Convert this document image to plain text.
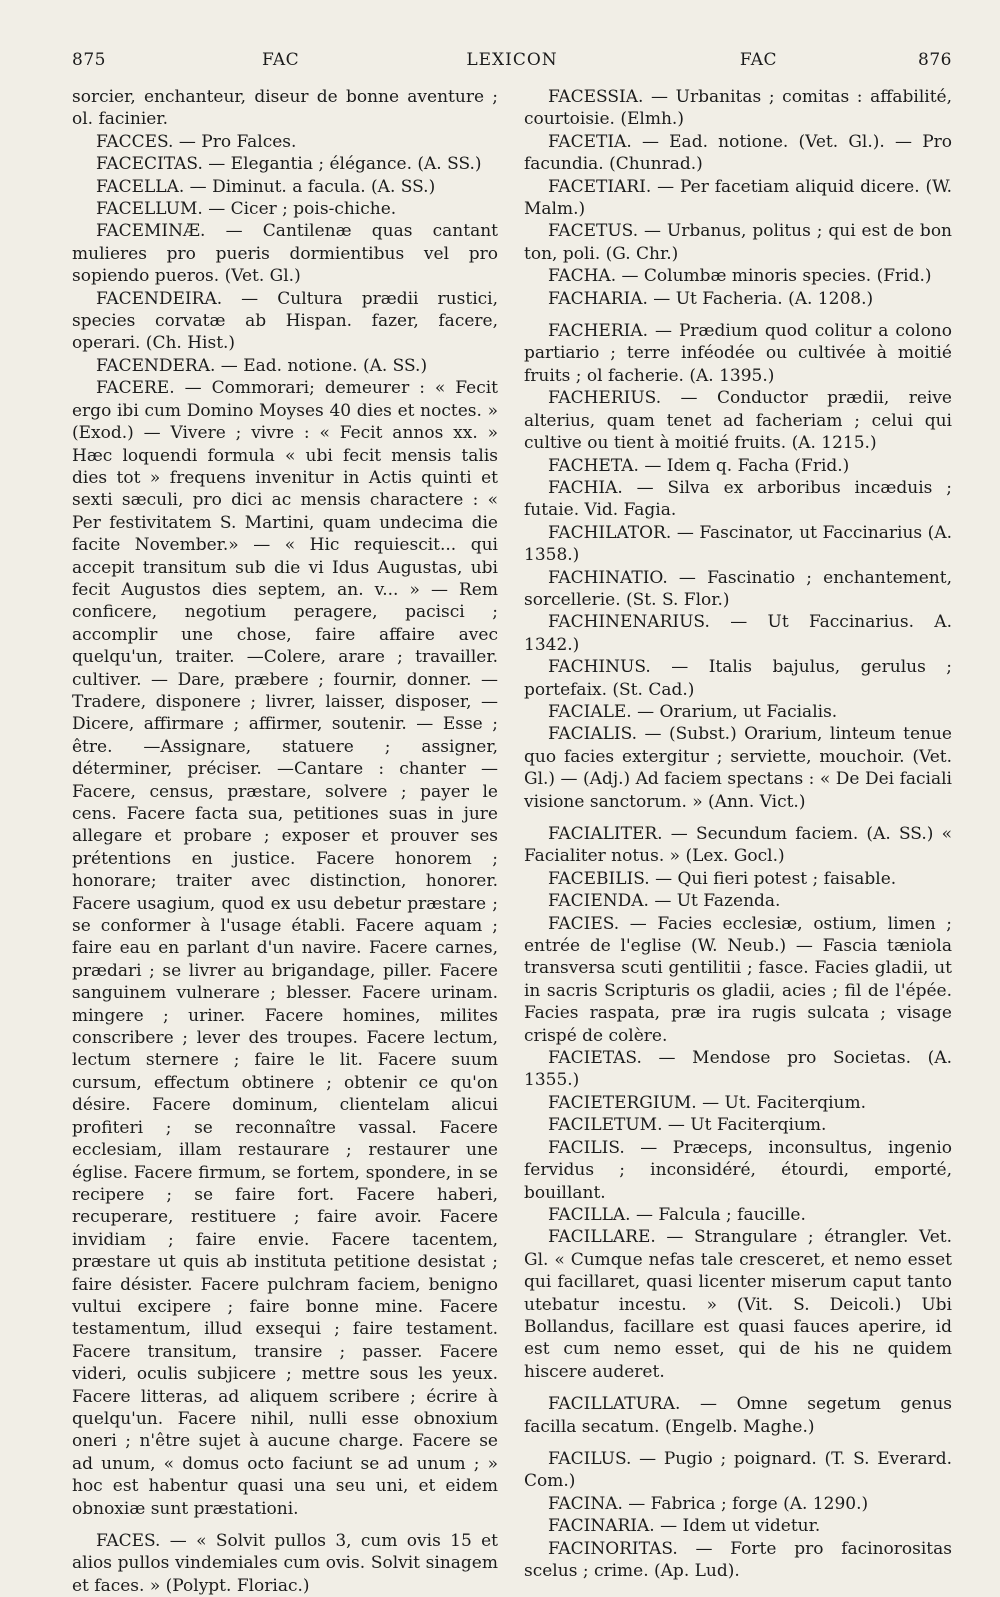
875	FAC	LEXICON	FAC	876

sorcier, enchanteur, diseur de bonne aventure ; ol. facinier.

FACCES. — Pro Falces.

FACECITAS. — Elegantia ; élégance. (A. SS.)

FACELLA. — Diminut. a facula. (A. SS.)

FACELLUM. — Cicer ; pois-chiche.

FACEMINÆ. — Cantilenæ quas cantant mulieres pro pueris dormientibus vel pro sopiendo pueros. (Vet. Gl.)

FACENDEIRA. — Cultura prædii rustici, species corvatæ ab Hispan. fazer, facere, operari. (Ch. Hist.)

FACENDERA. — Ead. notione. (A. SS.)

FACERE. — Commorari; demeurer : « Fecit ergo ibi cum Domino Moyses 40 dies et noctes. » (Exod.) — Vivere ; vivre : « Fecit annos xx. » Hæc loquendi formula « ubi fecit mensis talis dies tot » frequens invenitur in Actis quinti et sexti sæculi, pro dici ac mensis charactere : « Per festivitatem S. Martini, quam undecima die facite November.» — « Hic requiescit... qui accepit transitum sub die vi Idus Augustas, ubi fecit Augustos dies septem, an. v... » — Rem conficere, negotium peragere, pacisci ; accomplir une chose, faire affaire avec quelqu'un, traiter. —Colere, arare ; travailler. cultiver. — Dare, præbere ; fournir, donner. —Tradere, disponere ; livrer, laisser, disposer, — Dicere, affirmare ; affirmer, soutenir. — Esse ; être. —Assignare, statuere ; assigner, déterminer, préciser. —Cantare : chanter — Facere, census, præstare, solvere ; payer le cens. Facere facta sua, petitiones suas in jure allegare et probare ; exposer et prouver ses prétentions en justice. Facere honorem ; honorare; traiter avec distinction, honorer. Facere usagium, quod ex usu debetur præstare ; se conformer à l'usage établi. Facere aquam ; faire eau en parlant d'un navire. Facere carnes, prædari ; se livrer au brigandage, piller. Facere sanguinem vulnerare ; blesser. Facere urinam. mingere ; uriner. Facere homines, milites conscribere ; lever des troupes. Facere lectum, lectum sternere ; faire le lit. Facere suum cursum, effectum obtinere ; obtenir ce qu'on désire. Facere dominum, clientelam alicui profiteri ; se reconnaître vassal. Facere ecclesiam, illam restaurare ; restaurer une église. Facere firmum, se fortem, spondere, in se recipere ; se faire fort. Facere haberi, recuperare, restituere ; faire avoir. Facere invidiam ; faire envie. Facere tacentem, præstare ut quis ab instituta petitione desistat ; faire désister. Facere pulchram faciem, benigno vultui excipere ; faire bonne mine. Facere testamentum, illud exsequi ; faire testament. Facere transitum, transire ; passer. Facere videri, oculis subjicere ; mettre sous les yeux. Facere litteras, ad aliquem scribere ; écrire à quelqu'un. Facere nihil, nulli esse obnoxium oneri ; n'être sujet à aucune charge. Facere se ad unum, « domus octo faciunt se ad unum ; » hoc est habentur quasi una seu uni, et eidem obnoxiæ sunt præstationi.

FACES. — « Solvit pullos 3, cum ovis 15 et alios pullos vindemiales cum ovis. Solvit sinagem et faces. » (Polypt. Floriac.)

FACESSIA. — Urbanitas ; comitas : affabilité, courtoisie. (Elmh.)

FACETIA. — Ead. notione. (Vet. Gl.). — Pro facundia. (Chunrad.)

FACETIARI. — Per facetiam aliquid dicere. (W. Malm.)

FACETUS. — Urbanus, politus ; qui est de bon ton, poli. (G. Chr.)

FACHA. — Columbæ minoris species. (Frid.)

FACHARIA. — Ut Facheria. (A. 1208.)

FACHERIA. — Prædium quod colitur a colono partiario ; terre inféodée ou cultivée à moitié fruits ; ol facherie. (A. 1395.)

FACHERIUS. — Conductor prædii, reive alterius, quam tenet ad facheriam ; celui qui cultive ou tient à moitié fruits. (A. 1215.)

FACHETA. — Idem q. Facha (Frid.)

FACHIA. — Silva ex arboribus incæduis ; futaie. Vid. Fagia.

FACHILATOR. — Fascinator, ut Faccinarius (A. 1358.)

FACHINATIO. — Fascinatio ; enchantement, sorcellerie. (St. S. Flor.)

FACHINENARIUS. — Ut Faccinarius. A. 1342.)

FACHINUS. — Italis bajulus, gerulus ; portefaix. (St. Cad.)

FACIALE. — Orarium, ut Facialis.

FACIALIS. — (Subst.) Orarium, linteum tenue quo facies extergitur ; serviette, mouchoir. (Vet. Gl.) — (Adj.) Ad faciem spectans : « De Dei faciali visione sanctorum. » (Ann. Vict.)

FACIALITER. — Secundum faciem. (A. SS.) « Facialiter notus. » (Lex. Gocl.)

FACEBILIS. — Qui fieri potest ; faisable.

FACIENDA. — Ut Fazenda.

FACIES. — Facies ecclesiæ, ostium, limen ; entrée de l'eglise (W. Neub.) — Fascia tæniola transversa scuti gentilitii ; fasce. Facies gladii, ut in sacris Scripturis os gladii, acies ; fil de l'épée. Facies raspata, præ ira rugis sulcata ; visage crispé de colère.

FACIETAS. — Mendose pro Societas. (A. 1355.)

FACIETERGIUM. — Ut. Faciterqium.

FACILETUM. — Ut Faciterqium.

FACILIS. — Præceps, inconsultus, ingenio fervidus ; inconsidéré, étourdi, emporté, bouillant.

FACILLA. — Falcula ; faucille.

FACILLARE. — Strangulare ; étrangler. Vet. Gl. « Cumque nefas tale cresceret, et nemo esset qui facillaret, quasi licenter miserum caput tanto utebatur incestu. » (Vit. S. Deicoli.) Ubi Bollandus, facillare est quasi fauces aperire, id est cum nemo esset, qui de his ne quidem hiscere auderet.

FACILLATURA. — Omne segetum genus facilla secatum. (Engelb. Maghe.)

FACILUS. — Pugio ; poignard. (T. S. Everard. Com.)

FACINA. — Fabrica ; forge (A. 1290.)

FACINARIA. — Idem ut videtur.

FACINORITAS. — Forte pro facinorositas scelus ; crime. (Ap. Lud).
